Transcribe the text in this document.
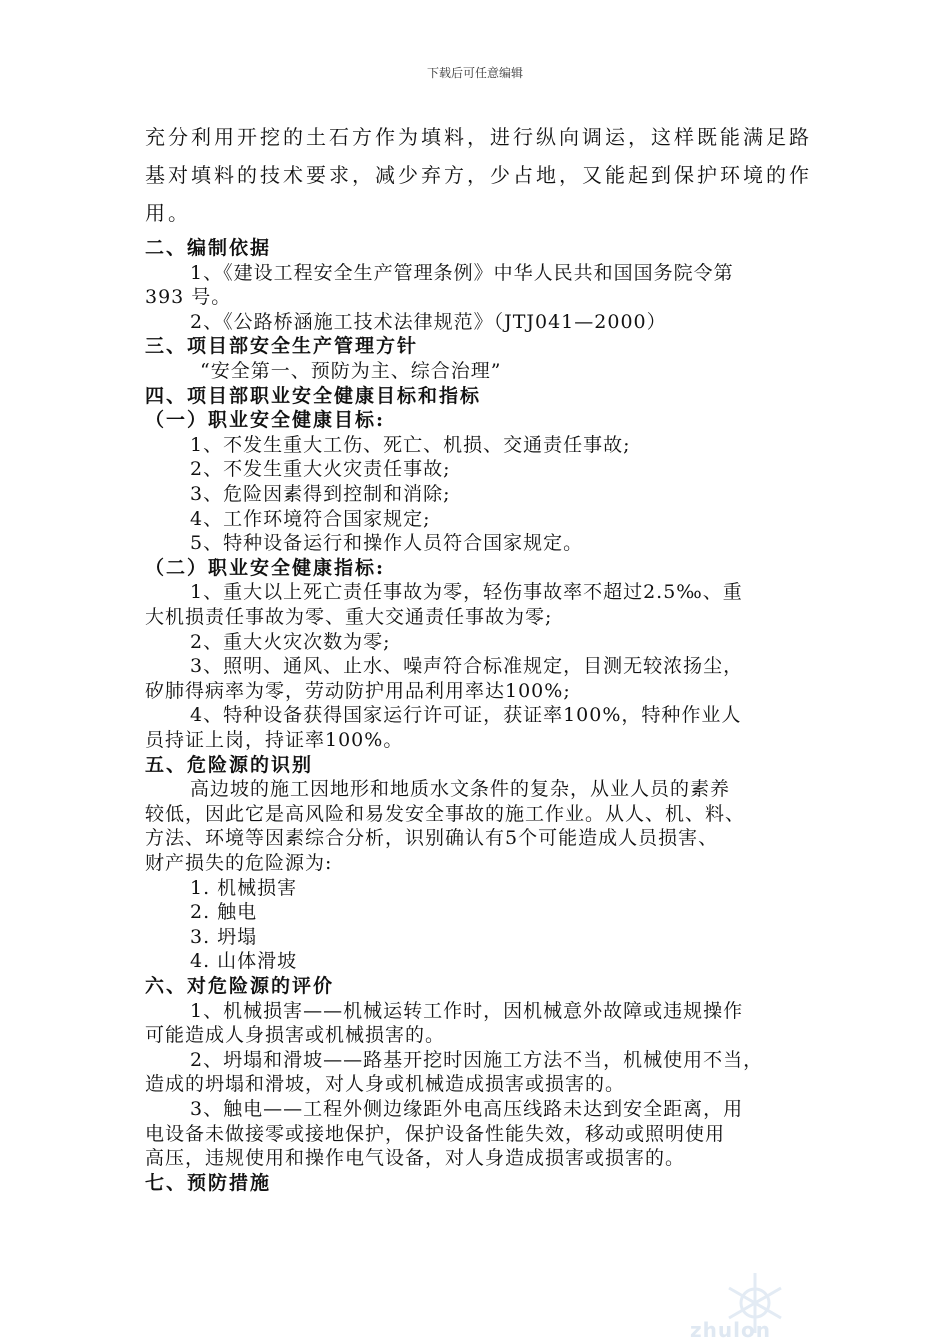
下载后可任意编辑
充分利用开挖的土石方作为填料，进行纵向调运，这样既能满足路基对填料的技术要求，减少弃方，少占地，又能起到保护环境的作用。
二、编制依据
1、《建设工程安全生产管理条例》中华人民共和国国务院令第
393 号。
2、《公路桥涵施工技术法律规范》（JTJ041—2000）
三、项目部安全生产管理方针
“安全第一、预防为主、综合治理”
四、项目部职业安全健康目标和指标
（一）职业安全健康目标:
1、不发生重大工伤、死亡、机损、交通责任事故;
2、不发生重大火灾责任事故;
3、危险因素得到控制和消除;
4、工作环境符合国家规定;
5、特种设备运行和操作人员符合国家规定。
（二）职业安全健康指标:
1、重大以上死亡责任事故为零，轻伤事故率不超过2.5‰、重
大机损责任事故为零、重大交通责任事故为零;
2、重大火灾次数为零;
3、照明、通风、止水、噪声符合标准规定，目测无较浓扬尘，
矽肺得病率为零，劳动防护用品利用率达100%;
4、特种设备获得国家运行许可证，获证率100%，特种作业人
员持证上岗，持证率100%。
五、危险源的识别
高边坡的施工因地形和地质水文条件的复杂，从业人员的素养
较低，因此它是高风险和易发安全事故的施工作业。从人、机、料、
方法、环境等因素综合分析，识别确认有5个可能造成人员损害、
财产损失的危险源为:
1. 机械损害
2. 触电
3. 坍塌
4. 山体滑坡
六、对危险源的评价
1、机械损害——机械运转工作时，因机械意外故障或违规操作
可能造成人身损害或机械损害的。
2、坍塌和滑坡——路基开挖时因施工方法不当，机械使用不当，
造成的坍塌和滑坡，对人身或机械造成损害或损害的。
3、触电——工程外侧边缘距外电高压线路未达到安全距离，用
电设备未做接零或接地保护，保护设备性能失效，移动或照明使用
高压，违规使用和操作电气设备，对人身造成损害或损害的。
七、预防措施
zhulon
